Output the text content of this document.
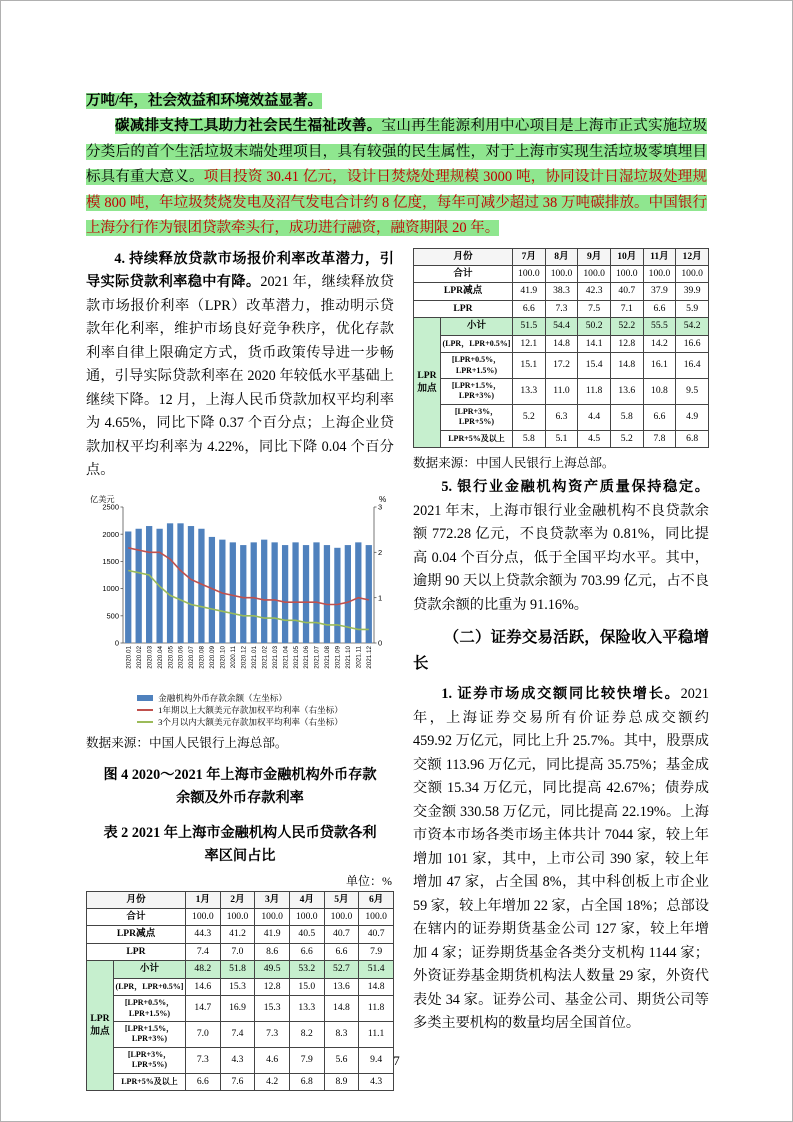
万吨/年，社会效益和环境效益显著。

碳减排支持工具助力社会民生福祉改善。宝山再生能源利用中心项目是上海市正式实施垃圾分类后的首个生活垃圾末端处理项目，具有较强的民生属性，对于上海市实现生活垃圾零填埋目标具有重大意义。项目投资 30.41 亿元，设计日焚烧处理规模 3000 吨，协同设计日湿垃圾处理规模 800 吨，年垃圾焚烧发电及沼气发电合计约 8 亿度，每年可减少超过 38 万吨碳排放。中国银行上海分行作为银团贷款牵头行，成功进行融资，融资期限 20 年。

4. 持续释放贷款市场报价利率改革潜力，引导实际贷款利率稳中有降。2021 年，继续释放贷款市场报价利率（LPR）改革潜力，推动明示贷款年化利率，维护市场良好竞争秩序，优化存款利率自律上限确定方式，货币政策传导进一步畅通，引导实际贷款利率在 2020 年较低水平基础上继续下降。12 月，上海人民币贷款加权平均利率为 4.65%，同比下降 0.37 个百分点；上海企业贷款加权平均利率为 4.22%，同比下降 0.04 个百分点。

0
500
1000
1500
2000
2500
0
1
2
3
亿美元	%
2020.01 2020.02 2020.03 2020.04 2020.05 2020.06 2020.07 2020.08 2020.09 2020.10 2020.11 2020.12 2021.01 2021.02 2021.03 2021.04 2021.05 2021.06 2021.07 2021.08 2021.09 2021.10 2021.11 2021.12
金融机构外币存款余额（左坐标）
1年期以上大额美元存款加权平均利率（右坐标）
3个月以内大额美元存款加权平均利率（右坐标）
数据来源：中国人民银行上海总部。
图 4 2020～2021 年上海市金融机构外币存款余额及外币存款利率
表 2 2021 年上海市金融机构人民币贷款各利率区间占比
单位：%
月份		1月	2月	3月	4月	5月	6月
合计		100.0	100.0	100.0	100.0	100.0	100.0
LPR减点		44.3	41.2	41.9	40.5	40.7	40.7
LPR		7.4	7.0	8.6	6.6	6.6	7.9
LPR加点	小计	48.2	51.8	49.5	53.2	52.7	51.4
	(LPR，LPR+0.5%]	14.6	15.3	12.8	15.0	13.6	14.8
	[LPR+0.5%，LPR+1.5%)	14.7	16.9	15.3	13.3	14.8	11.8
	[LPR+1.5%，LPR+3%)	7.0	7.4	7.3	8.2	8.3	11.1
	[LPR+3%，LPR+5%)	7.3	4.3	4.6	7.9	5.6	9.4
	LPR+5%及以上	6.6	7.6	4.2	6.8	8.9	4.3
月份		7月	8月	9月	10月	11月	12月
合计		100.0	100.0	100.0	100.0	100.0	100.0
LPR减点		41.9	38.3	42.3	40.7	37.9	39.9
LPR		6.6	7.3	7.5	7.1	6.6	5.9
LPR加点	小计	51.5	54.4	50.2	52.2	55.5	54.2
	(LPR，LPR+0.5%]	12.1	14.8	14.1	12.8	14.2	16.6
	[LPR+0.5%，LPR+1.5%)	15.1	17.2	15.4	14.8	16.1	16.4
	[LPR+1.5%，LPR+3%)	13.3	11.0	11.8	13.6	10.8	9.5
	[LPR+3%，LPR+5%)	5.2	6.3	4.4	5.8	6.6	4.9
	LPR+5%及以上	5.8	5.1	4.5	5.2	7.8	6.8
数据来源：中国人民银行上海总部。

5. 银行业金融机构资产质量保持稳定。2021 年末，上海市银行业金融机构不良贷款余额 772.28 亿元，不良贷款率为 0.81%，同比提高 0.04 个百分点，低于全国平均水平。其中，逾期 90 天以上贷款余额为 703.99 亿元，占不良贷款余额的比重为 91.16%。

（二）证券交易活跃，保险收入平稳增长

1. 证券市场成交额同比较快增长。2021 年，上海证券交易所有价证券总成交额约 459.92 万亿元，同比上升 25.7%。其中，股票成交额 113.96 万亿元，同比提高 35.75%；基金成交额 15.34 万亿元，同比提高 42.67%；债券成交金额 330.58 万亿元，同比提高 22.19%。上海市资本市场各类市场主体共计 7044 家，较上年增加 101 家，其中，上市公司 390 家，较上年增加 47 家，占全国 8%，其中科创板上市企业 59 家，较上年增加 22 家，占全国 18%；总部设在辖内的证券期货基金公司 127 家，较上年增加 4 家；证券期货基金各类分支机构 1144 家；外资证券基金期货机构法人数量 29 家，外资代表处 34 家。证券公司、基金公司、期货公司等多类主要机构的数量均居全国首位。

7
